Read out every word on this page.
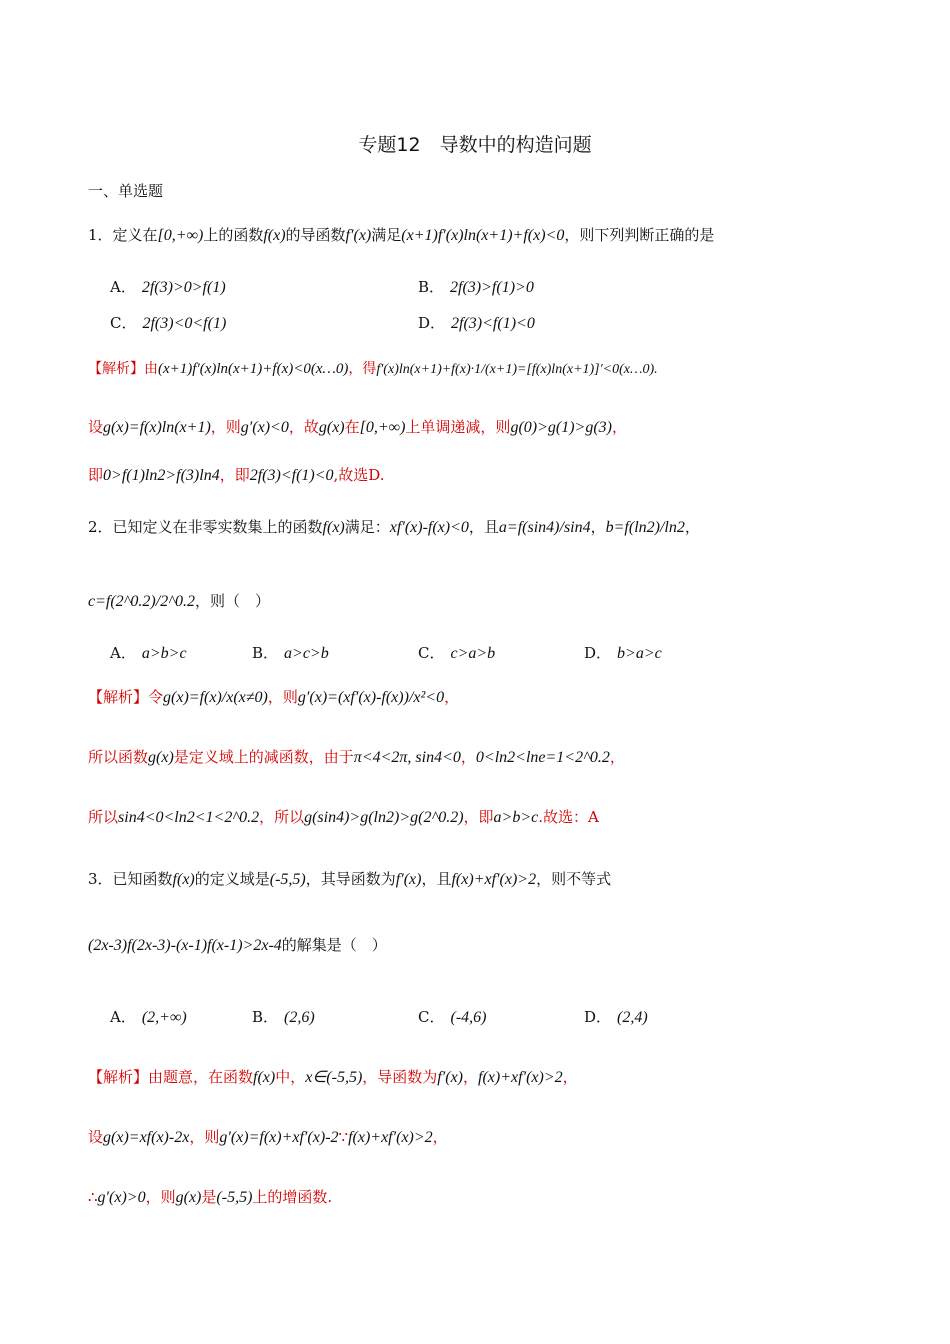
专题12　导数中的构造问题
一、单选题
1．定义在[0,+∞)上的函数f(x)的导函数f′(x)满足(x+1)f′(x)ln(x+1)+f(x)<0，则下列判断正确的是
A． 2f(3)>0>f(1)	B． 2f(3)>f(1)>0
C． 2f(3)<0<f(1)	D． 2f(3)<f(1)<0
【解析】由(x+1)f′(x)ln(x+1)+f(x)<0(x…0)，得f′(x)ln(x+1)+f(x)·1/(x+1)=[f(x)ln(x+1)]′<0(x…0).
设g(x)=f(x)ln(x+1)，则g′(x)<0，故g(x)在[0,+∞)上单调递减，则g(0)>g(1)>g(3)，
即0>f(1)ln2>f(3)ln4，即2f(3)<f(1)<0,故选D.
2．已知定义在非零实数集上的函数f(x)满足：xf′(x)-f(x)<0，且a=f(sin4)/sin4，b=f(ln2)/ln2，
c=f(2^0.2)/2^0.2，则（　）
A． a>b>c	B． a>c>b	C． c>a>b	D． b>a>c
【解析】令g(x)=f(x)/x(x≠0)，则g′(x)=(xf′(x)-f(x))/x²<0，
所以函数g(x)是定义域上的减函数，由于π<4<2π, sin4<0，0<ln2<lne=1<2^0.2，
所以sin4<0<ln2<1<2^0.2，所以g(sin4)>g(ln2)>g(2^0.2)，即a>b>c.故选：A
3．已知函数f(x)的定义域是(-5,5)，其导函数为f′(x)，且f(x)+xf′(x)>2，则不等式
(2x-3)f(2x-3)-(x-1)f(x-1)>2x-4的解集是（　）
A． (2,+∞)	B． (2,6)	C． (-4,6)	D． (2,4)
【解析】由题意，在函数f(x)中，x∈(-5,5)，导函数为f′(x)，f(x)+xf′(x)>2，
设g(x)=xf(x)-2x，则g′(x)=f(x)+xf′(x)-2∵f(x)+xf′(x)>2，
∴g′(x)>0，则g(x)是(-5,5)上的增函数.
